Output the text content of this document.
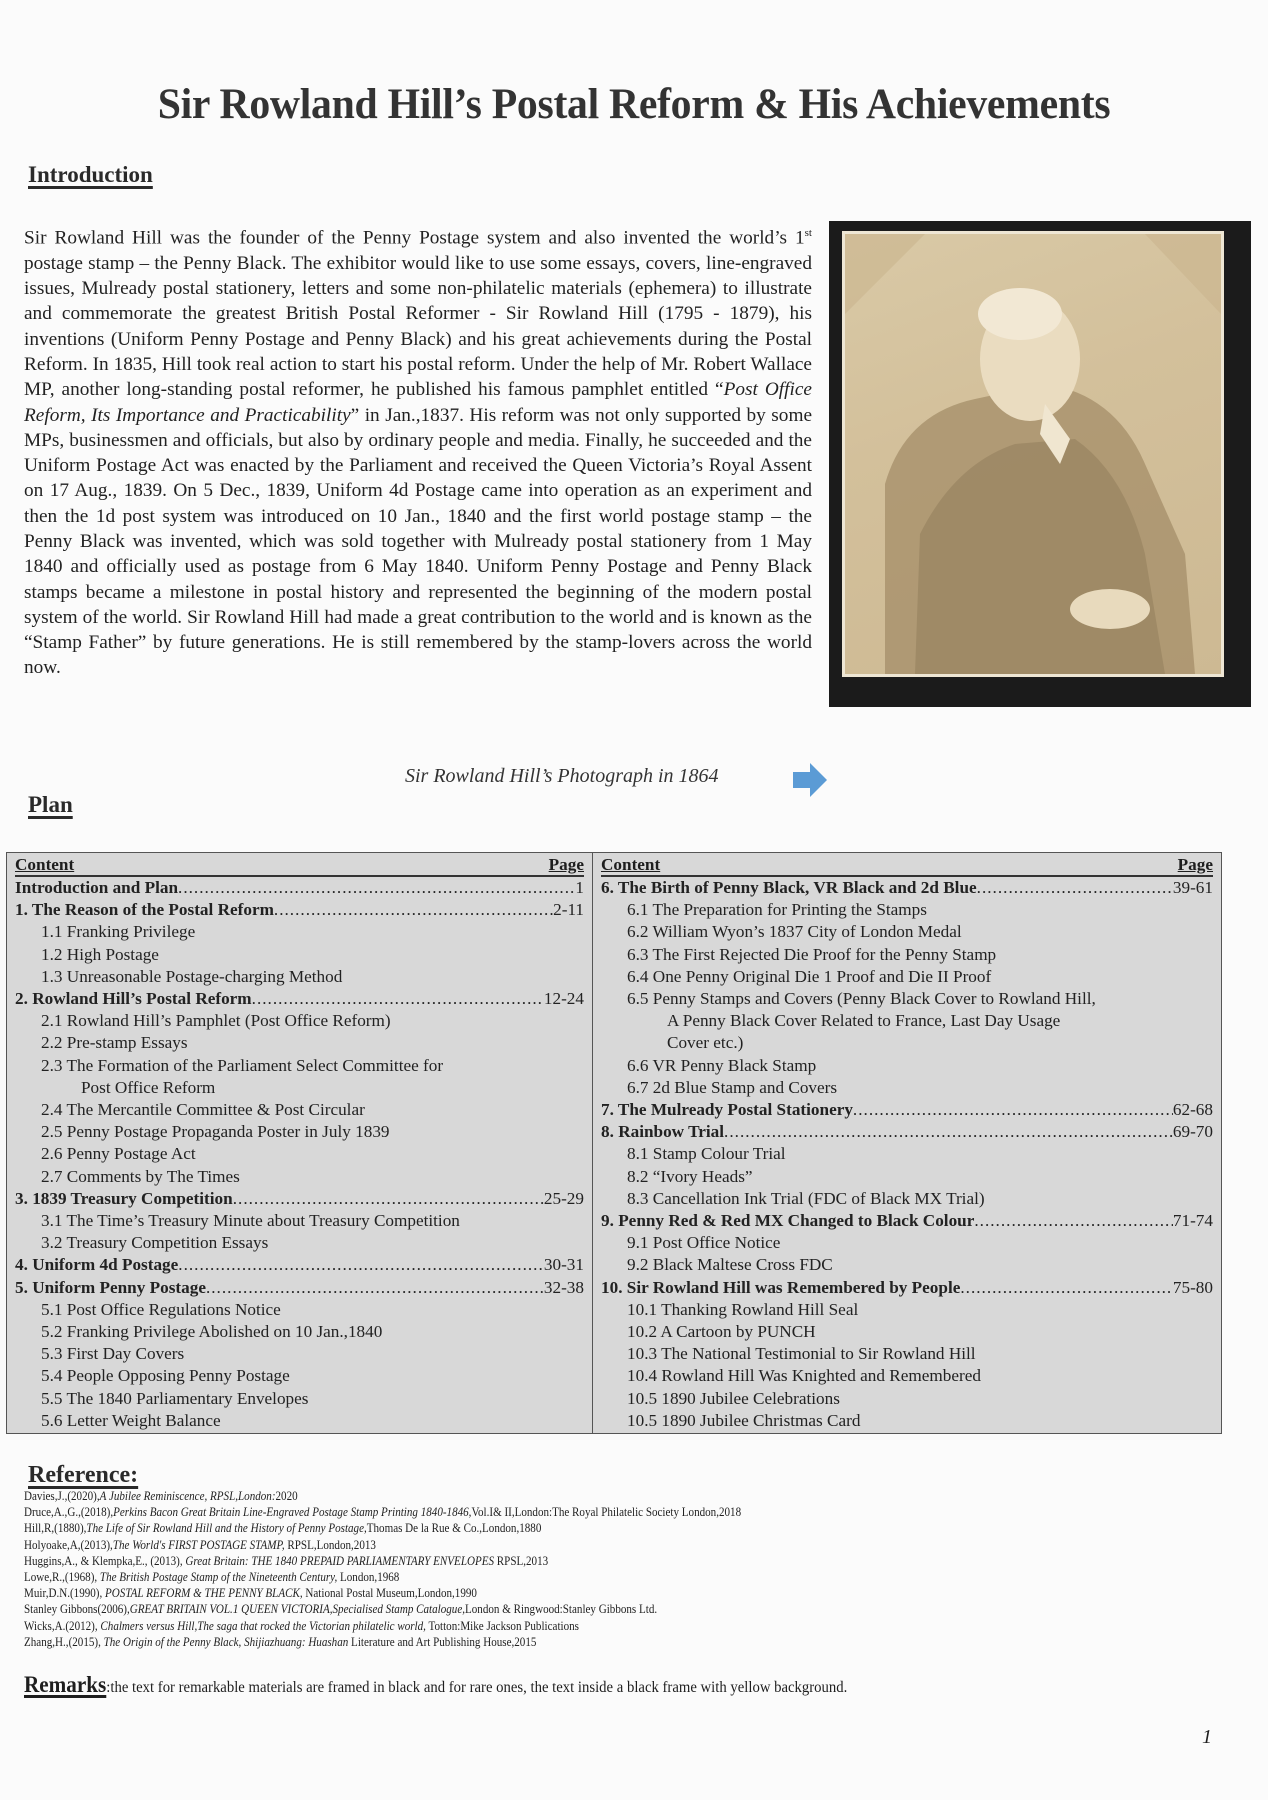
Sir Rowland Hill’s Postal Reform & His Achievements
Introduction
Sir Rowland Hill was the founder of the Penny Postage system and also invented the world’s 1st postage stamp – the Penny Black. The exhibitor would like to use some essays, covers, line-engraved issues, Mulready postal stationery, letters and some non-philatelic materials (ephemera) to illustrate and commemorate the greatest British Postal Reformer - Sir Rowland Hill (1795 - 1879), his inventions (Uniform Penny Postage and Penny Black) and his great achievements during the Postal Reform. In 1835, Hill took real action to start his postal reform. Under the help of Mr. Robert Wallace MP, another long-standing postal reformer, he published his famous pamphlet entitled “Post Office Reform, Its Importance and Practicability” in Jan.,1837. His reform was not only supported by some MPs, businessmen and officials, but also by ordinary people and media. Finally, he succeeded and the Uniform Postage Act was enacted by the Parliament and received the Queen Victoria’s Royal Assent on 17 Aug., 1839. On 5 Dec., 1839, Uniform 4d Postage came into operation as an experiment and then the 1d post system was introduced on 10 Jan., 1840 and the first world postage stamp – the Penny Black was invented, which was sold together with Mulready postal stationery from 1 May 1840 and officially used as postage from 6 May 1840. Uniform Penny Postage and Penny Black stamps became a milestone in postal history and represented the beginning of the modern postal system of the world. Sir Rowland Hill had made a great contribution to the world and is known as the “Stamp Father” by future generations. He is still remembered by the stamp-lovers across the world now.
Sir Rowland Hill’s Photograph in 1864
Plan
Content	Page
Introduction and Plan .....	1
1. The Reason of the Postal Reform .....	2-11
1.1 Franking Privilege
1.2 High Postage
1.3 Unreasonable Postage-charging Method
2. Rowland Hill’s Postal Reform .....	12-24
2.1 Rowland Hill’s Pamphlet (Post Office Reform)
2.2 Pre-stamp Essays
2.3 The Formation of the Parliament Select Committee for
Post Office Reform
2.4 The Mercantile Committee & Post Circular
2.5 Penny Postage Propaganda Poster in July 1839
2.6 Penny Postage Act
2.7 Comments by The Times
3. 1839 Treasury Competition .....	25-29
3.1 The Time’s Treasury Minute about Treasury Competition
3.2 Treasury Competition Essays
4. Uniform 4d Postage .....	30-31
5. Uniform Penny Postage .....	32-38
5.1 Post Office Regulations Notice
5.2 Franking Privilege Abolished on 10 Jan.,1840
5.3 First Day Covers
5.4 People Opposing Penny Postage
5.5 The 1840 Parliamentary Envelopes
5.6 Letter Weight Balance
Content	Page
6. The Birth of Penny Black, VR Black and 2d Blue .....	39-61
6.1 The Preparation for Printing the Stamps
6.2 William Wyon’s 1837 City of London Medal
6.3 The First Rejected Die Proof for the Penny Stamp
6.4 One Penny Original Die 1 Proof and Die II Proof
6.5 Penny Stamps and Covers (Penny Black Cover to Rowland Hill,
A Penny Black Cover Related to France, Last Day Usage
Cover etc.)
6.6 VR Penny Black Stamp
6.7 2d Blue Stamp and Covers
7. The Mulready Postal Stationery .....	62-68
8. Rainbow Trial .....	69-70
8.1 Stamp Colour Trial
8.2 “Ivory Heads”
8.3 Cancellation Ink Trial (FDC of Black MX Trial)
9. Penny Red & Red MX Changed to Black Colour .....	71-74
9.1 Post Office Notice
9.2 Black Maltese Cross FDC
10. Sir Rowland Hill was Remembered by People .....	75-80
10.1 Thanking Rowland Hill Seal
10.2 A Cartoon by PUNCH
10.3 The National Testimonial to Sir Rowland Hill
10.4 Rowland Hill Was Knighted and Remembered
10.5 1890 Jubilee Celebrations
10.5 1890 Jubilee Christmas Card
Reference:
Davies,J.,(2020),A Jubilee Reminiscence, RPSL,London:2020
Druce,A.,G.,(2018),Perkins Bacon Great Britain Line-Engraved Postage Stamp Printing 1840-1846,Vol.I& II,London:The Royal Philatelic Society London,2018
Hill,R,(1880),The Life of Sir Rowland Hill and the History of Penny Postage,Thomas De la Rue & Co.,London,1880
Holyoake,A,(2013),The World's FIRST POSTAGE STAMP, RPSL,London,2013
Huggins,A., & Klempka,E., (2013), Great Britain: THE 1840 PREPAID PARLIAMENTARY ENVELOPES RPSL,2013
Lowe,R.,(1968), The British Postage Stamp of the Nineteenth Century, London,1968
Muir,D.N.(1990), POSTAL REFORM & THE PENNY BLACK, National Postal Museum,London,1990
Stanley Gibbons(2006),GREAT BRITAIN VOL.1 QUEEN VICTORIA,Specialised Stamp Catalogue,London & Ringwood:Stanley Gibbons Ltd.
Wicks,A.(2012), Chalmers versus Hill,The saga that rocked the Victorian philatelic world, Totton:Mike Jackson Publications
Zhang,H.,(2015), The Origin of the Penny Black, Shijiazhuang: Huashan Literature and Art Publishing House,2015
Remarks:the text for remarkable materials are framed in black and for rare ones, the text inside a black frame with yellow background.
1
